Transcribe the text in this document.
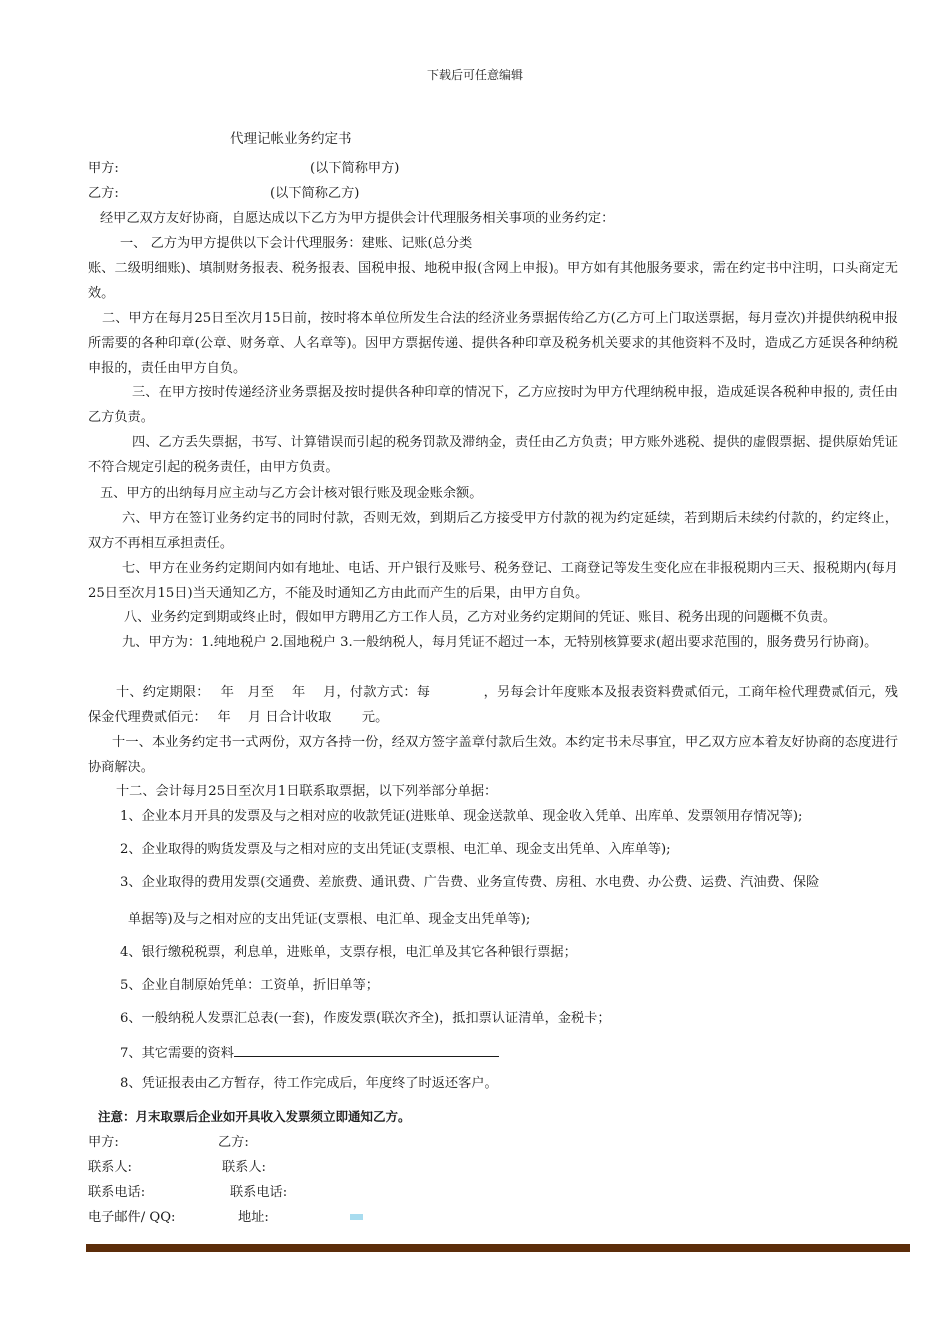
下载后可任意编辑
代理记帐业务约定书
甲方:	(以下简称甲方)
乙方:	(以下简称乙方)
经甲乙双方友好协商，自愿达成以下乙方为甲方提供会计代理服务相关事项的业务约定：
一、 乙方为甲方提供以下会计代理服务：建账、记账(总分类
账、二级明细账)、填制财务报表、税务报表、国税申报、地税申报(含网上申报)。甲方如有其他服务要求，需在约定书中注明，口头商定无效。
二、甲方在每月25日至次月15日前，按时将本单位所发生合法的经济业务票据传给乙方(乙方可上门取送票据，每月壹次)并提供纳税申报所需要的各种印章(公章、财务章、人名章等)。因甲方票据传递、提供各种印章及税务机关要求的其他资料不及时，造成乙方延误各种纳税申报的，责任由甲方自负。
三、在甲方按时传递经济业务票据及按时提供各种印章的情况下，乙方应按时为甲方代理纳税申报，造成延误各税种申报的, 责任由乙方负责。
四、乙方丢失票据，书写、计算错误而引起的税务罚款及滞纳金，责任由乙方负责；甲方账外逃税、提供的虚假票据、提供原始凭证不符合规定引起的税务责任，由甲方负责。
五、甲方的出纳每月应主动与乙方会计核对银行账及现金账余额。
六、甲方在签订业务约定书的同时付款，否则无效，到期后乙方接受甲方付款的视为约定延续，若到期后未续约付款的，约定终止，双方不再相互承担责任。
七、甲方在业务约定期间内如有地址、电话、开户银行及账号、税务登记、工商登记等发生变化应在非报税期内三天、报税期内(每月25日至次月15日)当天通知乙方，不能及时通知乙方由此而产生的后果，由甲方自负。
八、业务约定到期或终止时，假如甲方聘用乙方工作人员，乙方对业务约定期间的凭证、账目、税务出现的问题概不负责。
九、甲方为：1.纯地税户 2.国地税户 3.一般纳税人，每月凭证不超过一本，无特别核算要求(超出要求范围的，服务费另行协商)。
十、约定期限：　 年　月至　 年　 月，付款方式：每　　　　，另每会计年度账本及报表资料费贰佰元，工商年检代理费贰佰元，残保金代理费贰佰元：　 年　 月 日合计收取　　 元。
十一、本业务约定书一式两份，双方各持一份，经双方签字盖章付款后生效。本约定书未尽事宜，甲乙双方应本着友好协商的态度进行协商解决。
十二、会计每月25日至次月1日联系取票据，以下列举部分单据：
1、企业本月开具的发票及与之相对应的收款凭证(进账单、现金送款单、现金收入凭单、出库单、发票领用存情况等);
2、企业取得的购货发票及与之相对应的支出凭证(支票根、电汇单、现金支出凭单、入库单等);
3、企业取得的费用发票(交通费、差旅费、通讯费、广告费、业务宣传费、房租、水电费、办公费、运费、汽油费、保险
单据等)及与之相对应的支出凭证(支票根、电汇单、现金支出凭单等);
4、银行缴税税票，利息单，进账单，支票存根，电汇单及其它各种银行票据；
5、企业自制原始凭单：工资单，折旧单等；
6、一般纳税人发票汇总表(一套)，作废发票(联次齐全)，抵扣票认证清单，金税卡；
7、其它需要的资料
8、凭证报表由乙方暂存，待工作完成后，年度终了时返还客户。
注意：月末取票后企业如开具收入发票须立即通知乙方。
甲方:	乙方:
联系人:	联系人:
联系电话:	联系电话:
电子邮件/ QQ:	地址:
